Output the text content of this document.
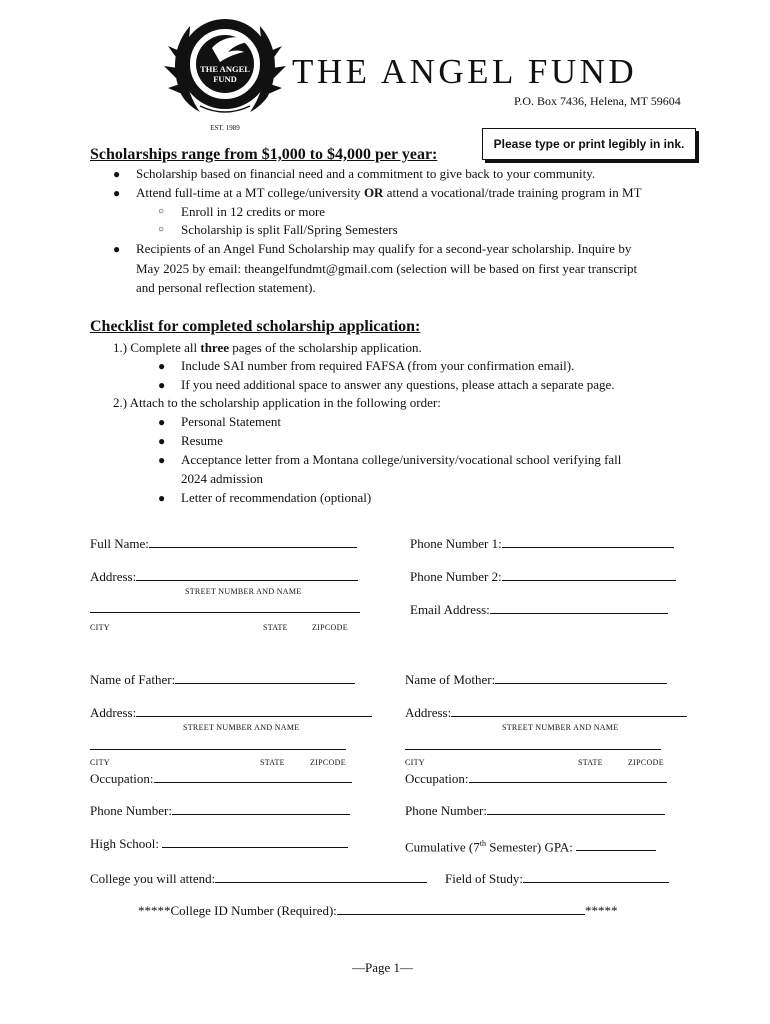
THE ANGEL
FUND
EST. 1989
THE ANGEL FUND
P.O. Box 7436, Helena, MT 59604
Please type or print legibly in ink.
Scholarships range from $1,000 to $4,000 per year:
● Scholarship based on financial need and a commitment to give back to your community.
● Attend full-time at a MT college/university OR attend a vocational/trade training program in MT
○ Enroll in 12 credits or more
○ Scholarship is split Fall/Spring Semesters
● Recipients of an Angel Fund Scholarship may qualify for a second-year scholarship. Inquire by
May 2025 by email: theangelfundmt@gmail.com (selection will be based on first year transcript
and personal reflection statement).
Checklist for completed scholarship application:
1.) Complete all three pages of the scholarship application.
● Include SAI number from required FAFSA (from your confirmation email).
● If you need additional space to answer any questions, please attach a separate page.
2.) Attach to the scholarship application in the following order:
● Personal Statement
● Resume
● Acceptance letter from a Montana college/university/vocational school verifying fall
2024 admission
● Letter of recommendation (optional)
Full Name:	Phone Number 1:
Address:	Phone Number 2:
STREET NUMBER AND NAME
Email Address:
CITY	STATE	ZIPCODE
Name of Father:	Name of Mother:
Address:	Address:
STREET NUMBER AND NAME	STREET NUMBER AND NAME
CITY	STATE	ZIPCODE	CITY	STATE	ZIPCODE
Occupation:	Occupation:
Phone Number:	Phone Number:
High School:	Cumulative (7th Semester) GPA:
College you will attend:	Field of Study:
*****College ID Number (Required):	*****
—Page 1—
